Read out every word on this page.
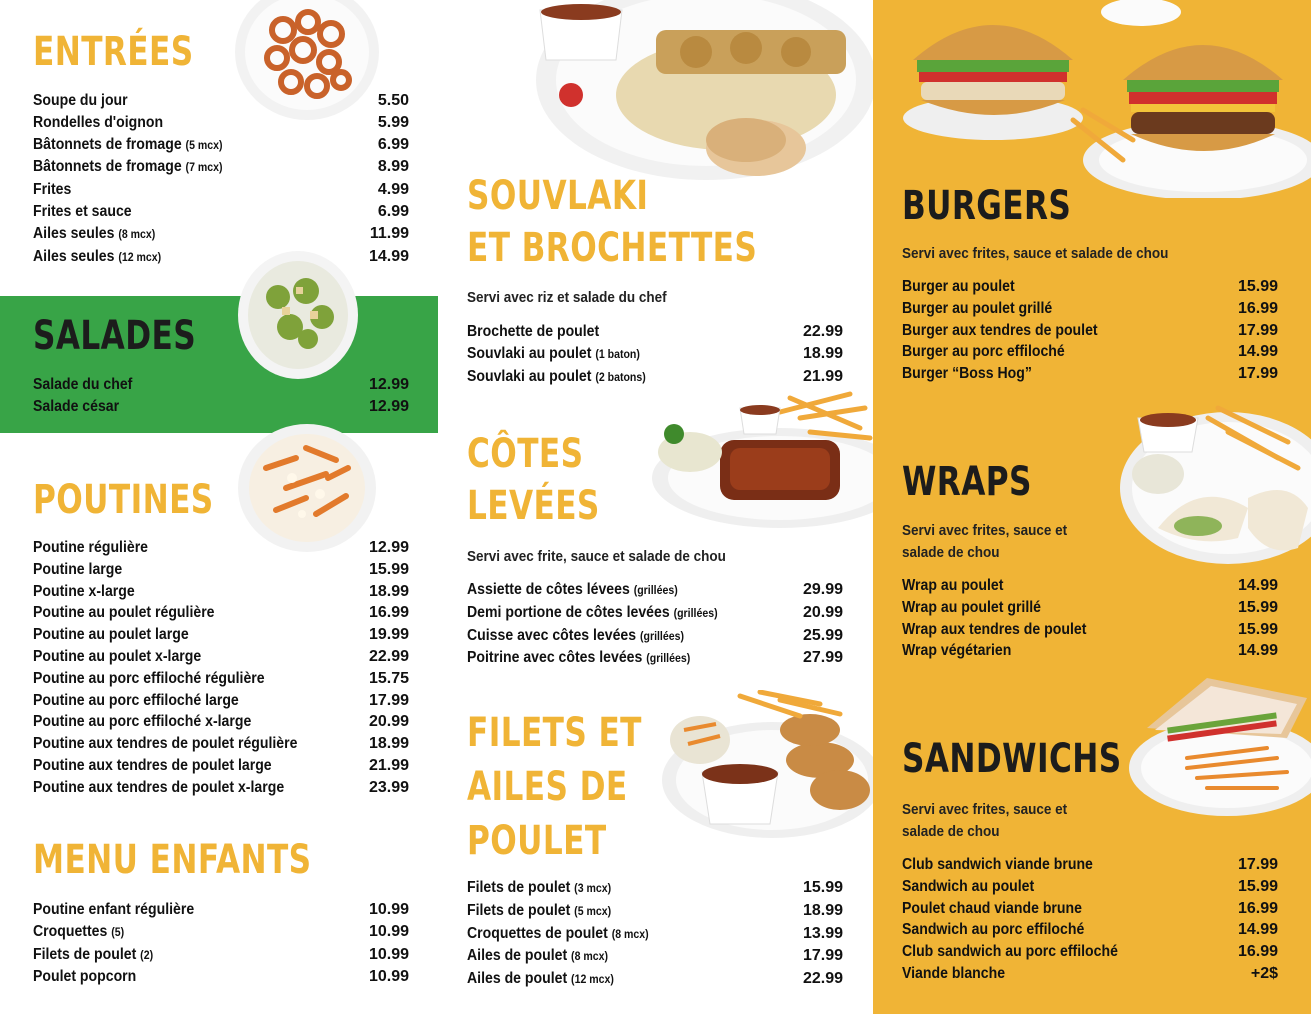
ENTRÉES
Soupe du jour	5.50
Rondelles d'oignon	5.99
Bâtonnets de fromage (5 mcx)	6.99
Bâtonnets de fromage (7 mcx)	8.99
Frites	4.99
Frites et sauce	6.99
Ailes seules (8 mcx)	11.99
Ailes seules (12 mcx)	14.99
SALADES
Salade du chef	12.99
Salade césar	12.99
POUTINES
Poutine régulière	12.99
Poutine large	15.99
Poutine x-large	18.99
Poutine au poulet régulière	16.99
Poutine au poulet large	19.99
Poutine au poulet x-large	22.99
Poutine au porc effiloché régulière	15.75
Poutine au porc effiloché large	17.99
Poutine au porc effiloché x-large	20.99
Poutine aux tendres de poulet régulière	18.99
Poutine aux tendres de poulet large	21.99
Poutine aux tendres de poulet x-large	23.99
MENU ENFANTS
Poutine enfant régulière	10.99
Croquettes (5)	10.99
Filets de poulet (2)	10.99
Poulet popcorn	10.99
SOUVLAKI
ET BROCHETTES

Servi avec riz et salade du chef

Brochette de poulet	22.99
Souvlaki au poulet (1 baton)	18.99
Souvlaki au poulet (2 batons)	21.99
CÔTES
LEVÉES

Servi avec frite, sauce et salade de chou

Assiette de côtes lévees (grillées)	29.99
Demi portione de côtes levées (grillées)	20.99
Cuisse avec côtes levées (grillées)	25.99
Poitrine avec côtes levées (grillées)	27.99
FILETS ET
AILES DE
POULET
Filets de poulet (3 mcx)	15.99
Filets de poulet (5 mcx)	18.99
Croquettes de poulet (8 mcx)	13.99
Ailes de poulet (8 mcx)	17.99
Ailes de poulet (12 mcx)	22.99
BURGERS

Servi avec frites, sauce et salade de chou

Burger au poulet	15.99
Burger au poulet grillé	16.99
Burger aux tendres de poulet	17.99
Burger au porc effiloché	14.99
Burger “Boss Hog”	17.99
WRAPS

Servi avec frites, sauce et

salade de chou

Wrap au poulet	14.99
Wrap au poulet grillé	15.99
Wrap aux tendres de poulet	15.99
Wrap végétarien	14.99
SANDWICHS

Servi avec frites, sauce et

salade de chou

Club sandwich viande brune	17.99
Sandwich au poulet	15.99
Poulet chaud viande brune	16.99
Sandwich au porc effiloché	14.99
Club sandwich au porc effiloché	16.99
Viande blanche	+2$
